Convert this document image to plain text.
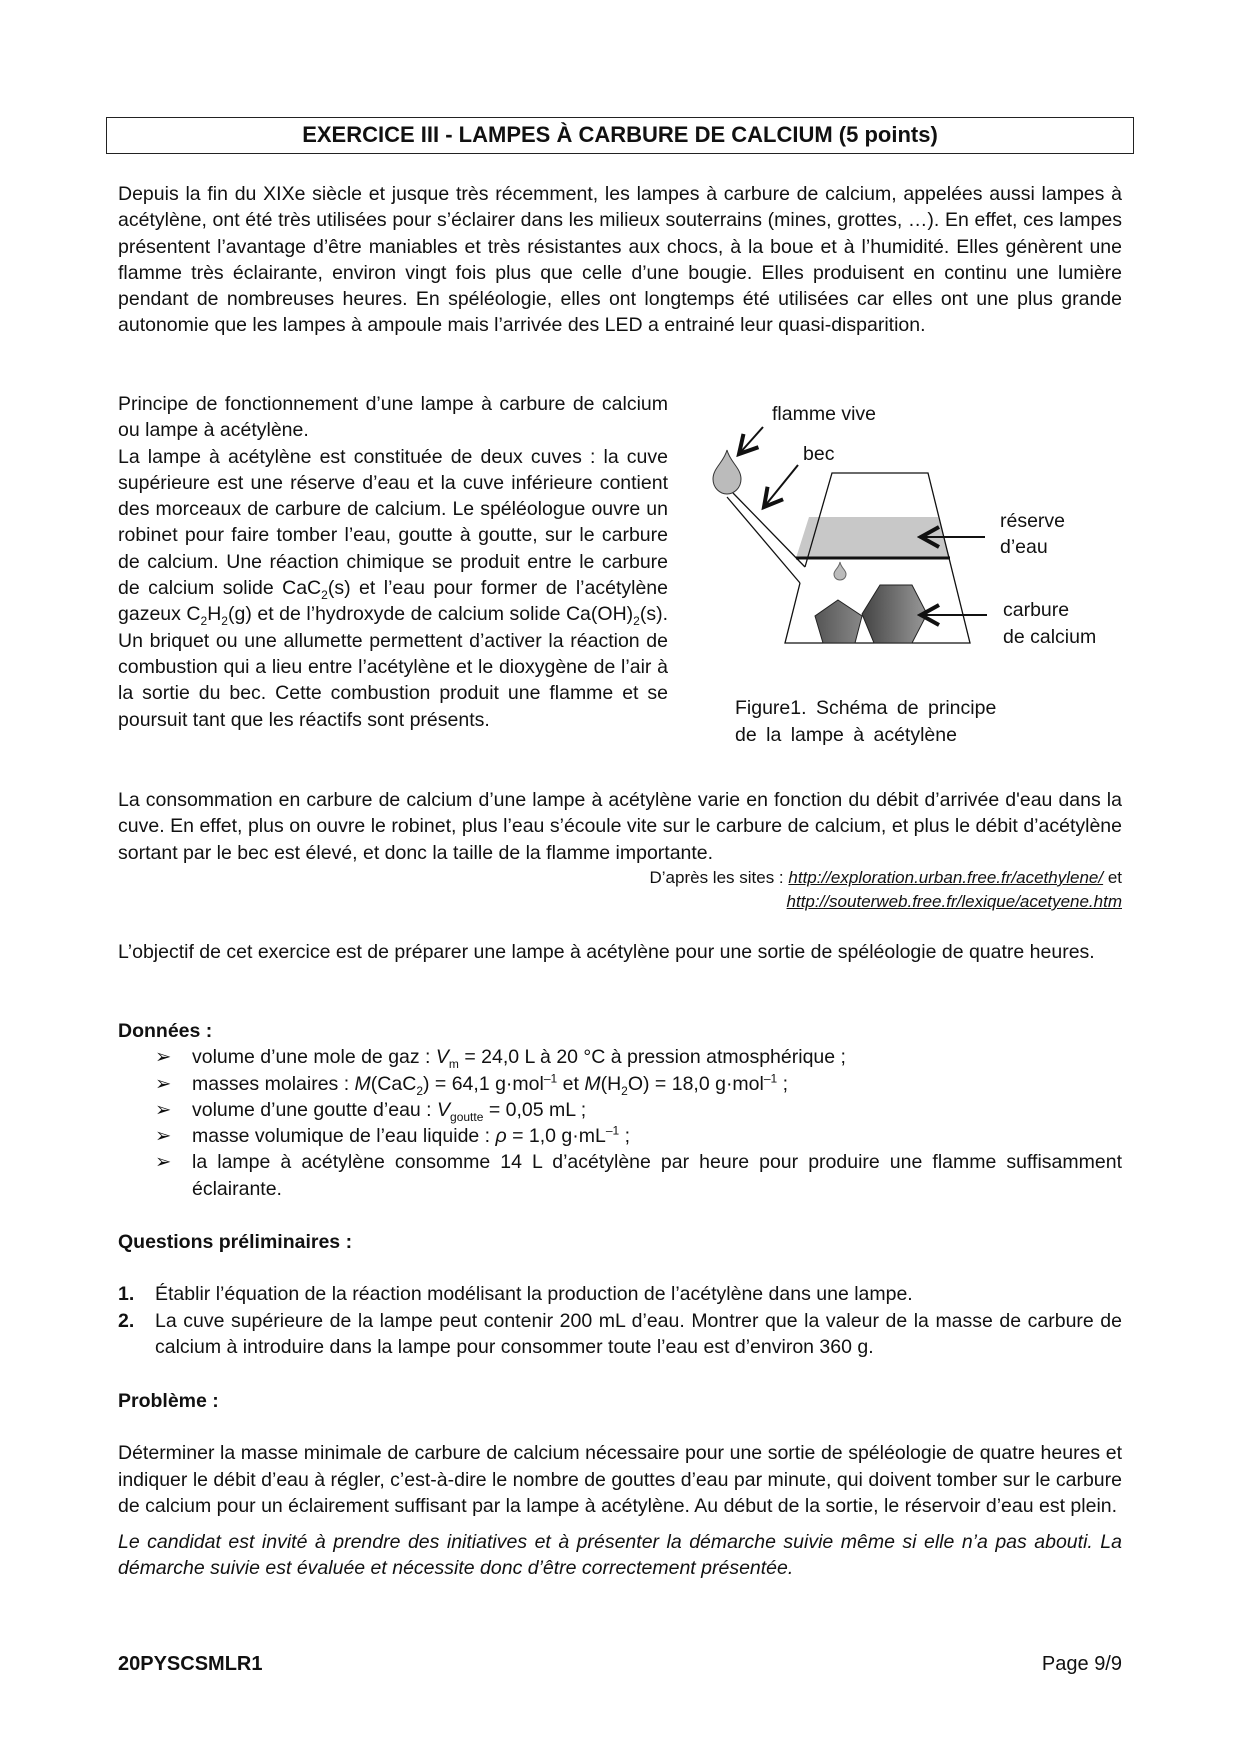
EXERCICE III - LAMPES À CARBURE DE CALCIUM (5 points)
Depuis la fin du XIXe siècle et jusque très récemment, les lampes à carbure de calcium, appelées aussi lampes à acétylène, ont été très utilisées pour s’éclairer dans les milieux souterrains (mines, grottes, …). En effet, ces lampes présentent l’avantage d’être maniables et très résistantes aux chocs, à la boue et à l’humidité. Elles génèrent une flamme très éclairante, environ vingt fois plus que celle d’une bougie. Elles produisent en continu une lumière pendant de nombreuses heures. En spéléologie, elles ont longtemps été utilisées car elles ont une plus grande autonomie que les lampes à ampoule mais l’arrivée des LED a entrainé leur quasi-disparition.
Principe de fonctionnement d’une lampe à carbure de calcium ou lampe à acétylène.
La lampe à acétylène est constituée de deux cuves : la cuve supérieure est une réserve d’eau et la cuve inférieure contient des morceaux de carbure de calcium. Le spéléologue ouvre un robinet pour faire tomber l’eau, goutte à goutte, sur le carbure de calcium. Une réaction chimique se produit entre le carbure de calcium solide CaC$_2$(s) et l’eau pour former de l’acétylène gazeux $C_2H_2(g)$ et de l’hydroxyde de calcium solide $Ca(OH)_2(s)$. Un briquet ou une allumette permettent d’activer la réaction de combustion qui a lieu entre l’acétylène et le dioxygène de l’air à la sortie du bec. Cette combustion produit une flamme et se poursuit tant que les réactifs sont présents.
flamme vive
bec
réserve
d’eau
carbure
de calcium
Figure1. Schéma de principe
de la lampe à acétylène
La consommation en carbure de calcium d’une lampe à acétylène varie en fonction du débit d’arrivée d'eau dans la cuve. En effet, plus on ouvre le robinet, plus l’eau s’écoule vite sur le carbure de calcium, et plus le débit d’acétylène sortant par le bec est élevé, et donc la taille de la flamme importante.
D’après les sites : http://exploration.urban.free.fr/acethylene/ et
http://souterweb.free.fr/lexique/acetyene.htm
L’objectif de cet exercice est de préparer une lampe à acétylène pour une sortie de spéléologie de quatre heures.
Données :
➢ volume d’une mole de gaz : $V_m = 24,0$ L à 20 °C à pression atmosphérique ;
➢ masses molaires : M(CaC$_2$) = 64,1 g·mol$^{-1}$ et $M(H_2O) = 18,0$ g·mol$^{-1}$ ;
➢ volume d’une goutte d’eau : $V_{goutte} = 0,05$ mL ;
➢ masse volumique de l’eau liquide : ρ = 1,0 $g\cdot mL^{-1}$ ;
➢ la lampe à acétylène consomme 14 L d’acétylène par heure pour produire une flamme suffisamment éclairante.
Questions préliminaires :
1. Établir l’équation de la réaction modélisant la production de l’acétylène dans une lampe.
2. La cuve supérieure de la lampe peut contenir 200 mL d’eau. Montrer que la valeur de la masse de carbure de calcium à introduire dans la lampe pour consommer toute l’eau est d’environ 360 g.
Problème :
Déterminer la masse minimale de carbure de calcium nécessaire pour une sortie de spéléologie de quatre heures et indiquer le débit d’eau à régler, c’est-à-dire le nombre de gouttes d’eau par minute, qui doivent tomber sur le carbure de calcium pour un éclairement suffisant par la lampe à acétylène. Au début de la sortie, le réservoir d’eau est plein.
Le candidat est invité à prendre des initiatives et à présenter la démarche suivie même si elle n’a pas abouti. La démarche suivie est évaluée et nécessite donc d’être correctement présentée.
20PYSCSMLR1	Page 9/9
